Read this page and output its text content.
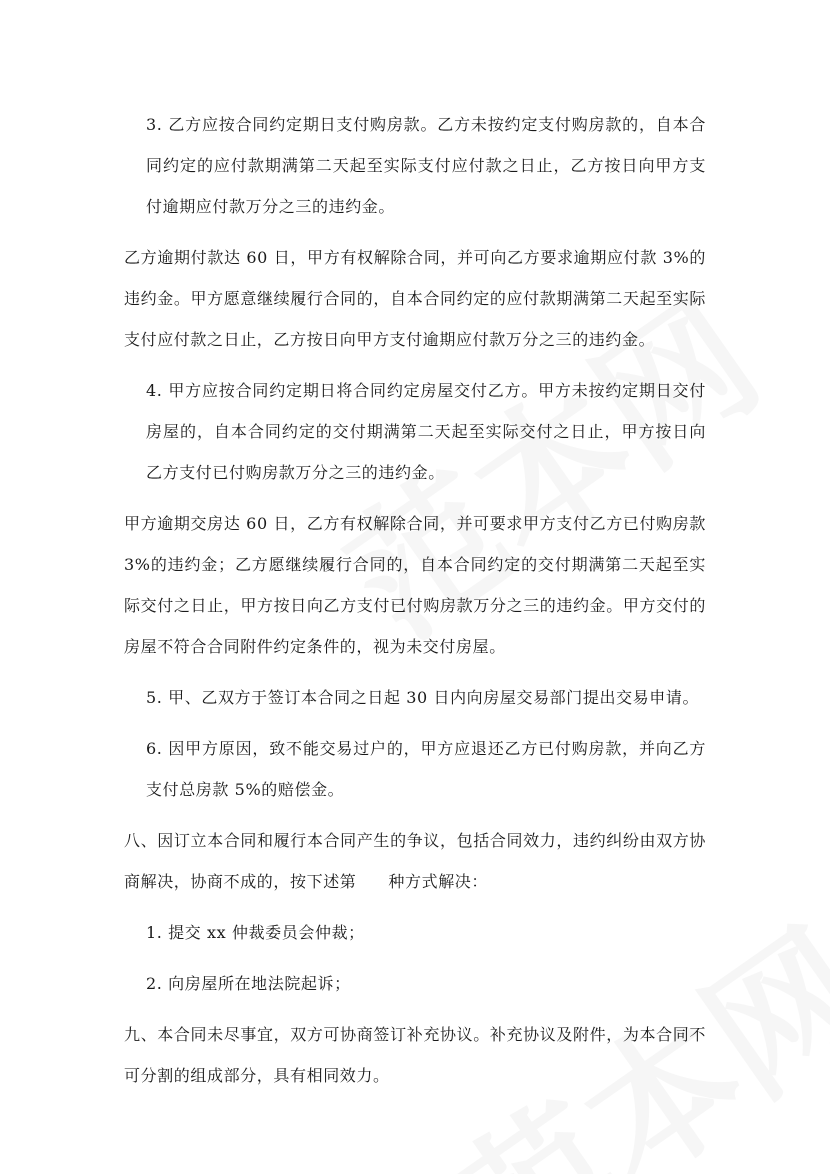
3. 乙方应按合同约定期日支付购房款。乙方未按约定支付购房款的，自本合同约定的应付款期满第二天起至实际支付应付款之日止，乙方按日向甲方支付逾期应付款万分之三的违约金。

乙方逾期付款达 60 日，甲方有权解除合同，并可向乙方要求逾期应付款 3%的违约金。甲方愿意继续履行合同的，自本合同约定的应付款期满第二天起至实际支付应付款之日止，乙方按日向甲方支付逾期应付款万分之三的违约金。

4. 甲方应按合同约定期日将合同约定房屋交付乙方。甲方未按约定期日交付房屋的，自本合同约定的交付期满第二天起至实际交付之日止，甲方按日向乙方支付已付购房款万分之三的违约金。

甲方逾期交房达 60 日，乙方有权解除合同，并可要求甲方支付乙方已付购房款 3%的违约金；乙方愿继续履行合同的，自本合同约定的交付期满第二天起至实际交付之日止，甲方按日向乙方支付已付购房款万分之三的违约金。甲方交付的房屋不符合合同附件约定条件的，视为未交付房屋。

5. 甲、乙双方于签订本合同之日起 30 日内向房屋交易部门提出交易申请。

6. 因甲方原因，致不能交易过户的，甲方应退还乙方已付购房款，并向乙方支付总房款 5%的赔偿金。

八、因订立本合同和履行本合同产生的争议，包括合同效力，违约纠纷由双方协商解决，协商不成的，按下述第 种方式解决：

1. 提交 xx 仲裁委员会仲裁；

2. 向房屋所在地法院起诉；

九、本合同未尽事宜，双方可协商签订补充协议。补充协议及附件，为本合同不可分割的组成部分，具有相同效力。
